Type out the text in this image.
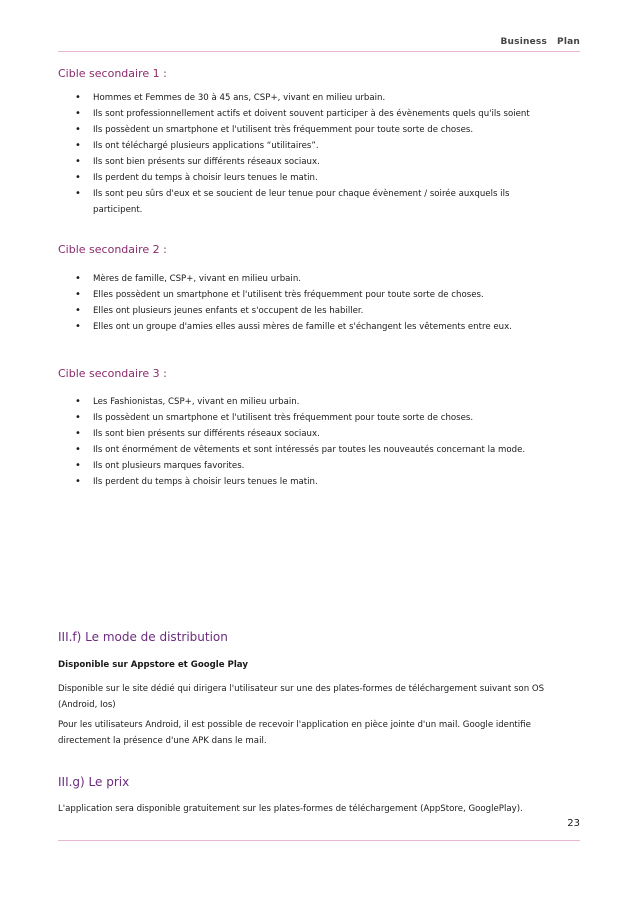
Business Plan
Cible secondaire 1 :
• Hommes et Femmes de 30 à 45 ans, CSP+, vivant en milieu urbain.
• Ils sont professionnellement actifs et doivent souvent participer à des évènements quels qu'ils soient
• Ils possèdent un smartphone et l'utilisent très fréquemment pour toute sorte de choses.
• Ils ont téléchargé plusieurs applications “utilitaires”.
• Ils sont bien présents sur différents réseaux sociaux.
• Ils perdent du temps à choisir leurs tenues le matin.
• Ils sont peu sûrs d'eux et se soucient de leur tenue pour chaque évènement / soirée auxquels ils participent.
Cible secondaire 2 :
• Mères de famille, CSP+, vivant en milieu urbain.
• Elles possèdent un smartphone et l'utilisent très fréquemment pour toute sorte de choses.
• Elles ont plusieurs jeunes enfants et s'occupent de les habiller.
• Elles ont un groupe d'amies elles aussi mères de famille et s'échangent les vêtements entre eux.
Cible secondaire 3 :
• Les Fashionistas, CSP+, vivant en milieu urbain.
• Ils possèdent un smartphone et l'utilisent très fréquemment pour toute sorte de choses.
• Ils sont bien présents sur différents réseaux sociaux.
• Ils ont énormément de vêtements et sont intéressés par toutes les nouveautés concernant la mode.
• Ils ont plusieurs marques favorites.
• Ils perdent du temps à choisir leurs tenues le matin.
III.f) Le mode de distribution

Disponible sur Appstore et Google Play

Disponible sur le site dédié qui dirigera l'utilisateur sur une des plates-formes de téléchargement suivant son OS (Android, Ios)

Pour les utilisateurs Android, il est possible de recevoir l'application en pièce jointe d'un mail. Google identifie directement la présence d'une APK dans le mail.

III.g) Le prix

L'application sera disponible gratuitement sur les plates-formes de téléchargement (AppStore, GooglePlay).

23
